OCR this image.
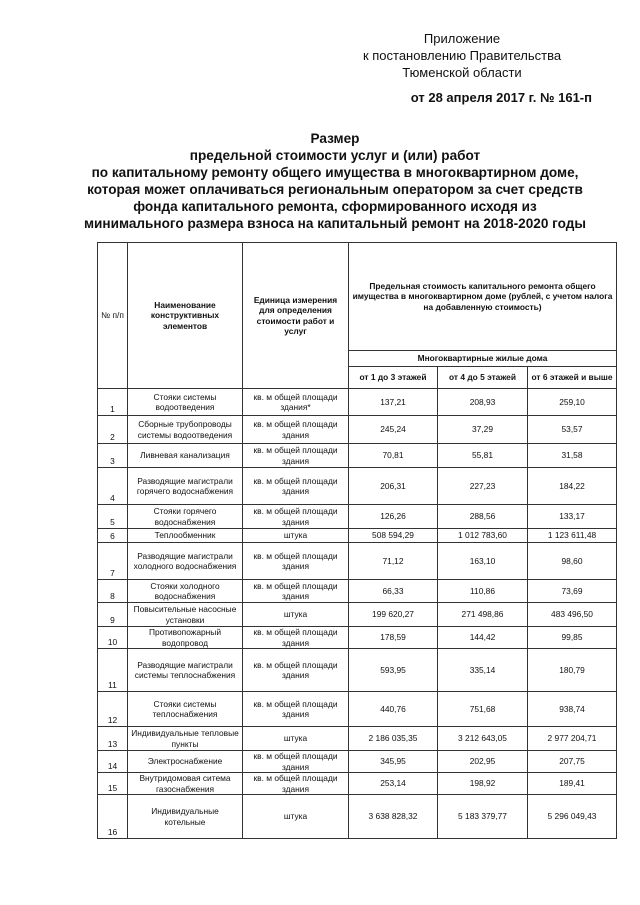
Приложение
к постановлению Правительства
Тюменской области
от 28 апреля 2017 г. № 161-п
Размер
предельной стоимости услуг и (или) работ
по капитальному ремонту общего имущества в многоквартирном доме,
которая может оплачиваться региональным оператором за счет средств
фонда капитального ремонта, сформированного исходя из
минимального размера взноса на капитальный ремонт на 2018-2020 годы
№ п/п	Наименование конструктивных элементов	Единица измерения для определения стоимости работ и услуг	Предельная стоимость капитального ремонта общего имущества в многоквартирном доме (рублей, с учетом налога на добавленную стоимость)		
			Многоквартирные жилые дома		
			от 1 до 3 этажей	от 4 до 5 этажей	от 6 этажей и выше
1	Стояки системы водоотведения	кв. м общей площади здания*	137,21	208,93	259,10
2	Сборные трубопроводы системы водоотведения	кв. м общей площади здания	245,24	37,29	53,57
3	Ливневая канализация	кв. м общей площади здания	70,81	55,81	31,58
4	Разводящие магистрали горячего водоснабжения	кв. м общей площади здания	206,31	227,23	184,22
5	Стояки горячего водоснабжения	кв. м общей площади здания	126,26	288,56	133,17
6	Теплообменник	штука	508 594,29	1 012 783,60	1 123 611,48
7	Разводящие магистрали холодного водоснабжения	кв. м общей площади здания	71,12	163,10	98,60
8	Стояки холодного водоснабжения	кв. м общей площади здания	66,33	110,86	73,69
9	Повысительные насосные установки	штука	199 620,27	271 498,86	483 496,50
10	Противопожарный водопровод	кв. м общей площади здания	178,59	144,42	99,85
11	Разводящие магистрали системы теплоснабжения	кв. м общей площади здания	593,95	335,14	180,79
12	Стояки системы теплоснабжения	кв. м общей площади здания	440,76	751,68	938,74
13	Индивидуальные тепловые пункты	штука	2 186 035,35	3 212 643,05	2 977 204,71
14	Электроснабжение	кв. м общей площади здания	345,95	202,95	207,75
15	Внутридомовая ситема газоснабжения	кв. м общей площади здания	253,14	198,92	189,41
16	Индивидуальные котельные	штука	3 638 828,32	5 183 379,77	5 296 049,43
